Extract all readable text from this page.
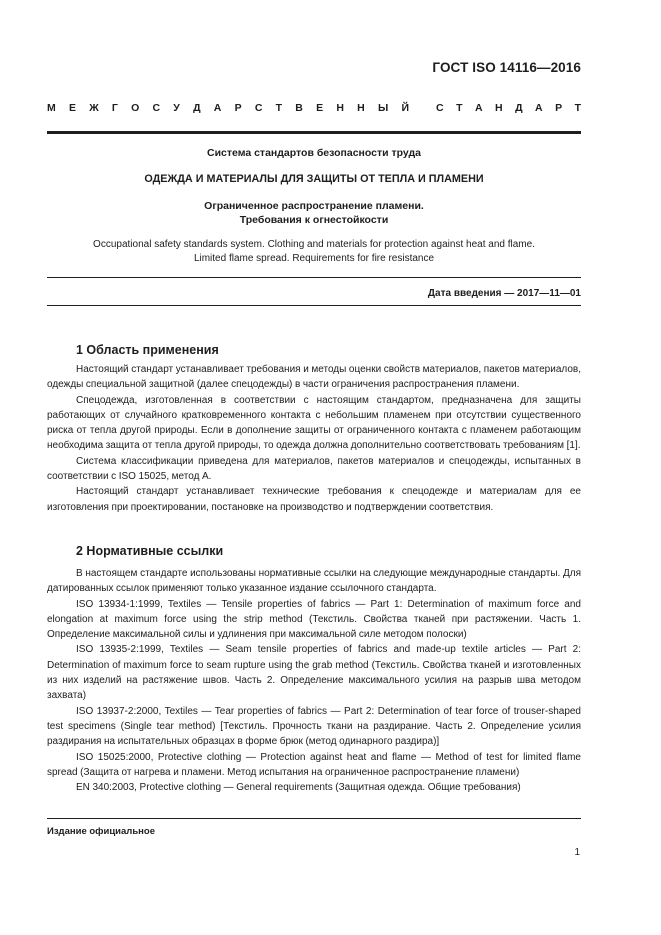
ГОСТ ISO 14116—2016
М Е Ж Г О С У Д А Р С Т В Е Н Н Ы Й	С Т А Н Д А Р Т
Система стандартов безопасности труда
ОДЕЖДА И МАТЕРИАЛЫ ДЛЯ ЗАЩИТЫ ОТ ТЕПЛА И ПЛАМЕНИ
Ограниченное распространение пламени.
Требования к огнестойкости
Occupational safety standards system. Clothing and materials for protection against heat and flame.
Limited flame spread. Requirements for fire resistance
Дата введения — 2017—11—01
1 Область применения

Настоящий стандарт устанавливает требования и методы оценки свойств материалов, пакетов материалов, одежды специальной защитной (далее спецодежды) в части ограничения распространения пламени.

Спецодежда, изготовленная в соответствии с настоящим стандартом, предназначена для защиты работающих от случайного кратковременного контакта с небольшим пламенем при отсутствии существенного риска от тепла другой природы. Если в дополнение защиты от ограниченного контакта с пламенем работающим необходима защита от тепла другой природы, то одежда должна дополнительно соответствовать требованиям [1].

Система классификации приведена для материалов, пакетов материалов и спецодежды, испытанных в соответствии с ISO 15025, метод А.

Настоящий стандарт устанавливает технические требования к спецодежде и материалам для ее изготовления при проектировании, постановке на производство и подтверждении соответствия.

2 Нормативные ссылки

В настоящем стандарте использованы нормативные ссылки на следующие международные стандарты. Для датированных ссылок применяют только указанное издание ссылочного стандарта.

ISO 13934-1:1999, Textiles — Tensile properties of fabrics — Part 1: Determination of maximum force and elongation at maximum force using the strip method (Текстиль. Свойства тканей при растяжении. Часть 1. Определение максимальной силы и удлинения при максимальной силе методом полоски)

ISO 13935-2:1999, Textiles — Seam tensile properties of fabrics and made-up textile articles — Part 2: Determination of maximum force to seam rupture using the grab method (Текстиль. Свойства тканей и изготовленных из них изделий на растяжение швов. Часть 2. Определение максимального усилия на разрыв шва методом захвата)

ISO 13937-2:2000, Textiles — Tear properties of fabrics — Part 2: Determination of tear force of trouser-shaped test specimens (Single tear method) [Текстиль. Прочность ткани на раздирание. Часть 2. Определение усилия раздирания на испытательных образцах в форме брюк (метод одинарного раздира)]

ISO 15025:2000, Protective clothing — Protection against heat and flame — Method of test for limited flame spread (Защита от нагрева и пламени. Метод испытания на ограниченное распространение пламени)

EN 340:2003, Protective clothing — General requirements (Защитная одежда. Общие требования)

Издание официальное
1
